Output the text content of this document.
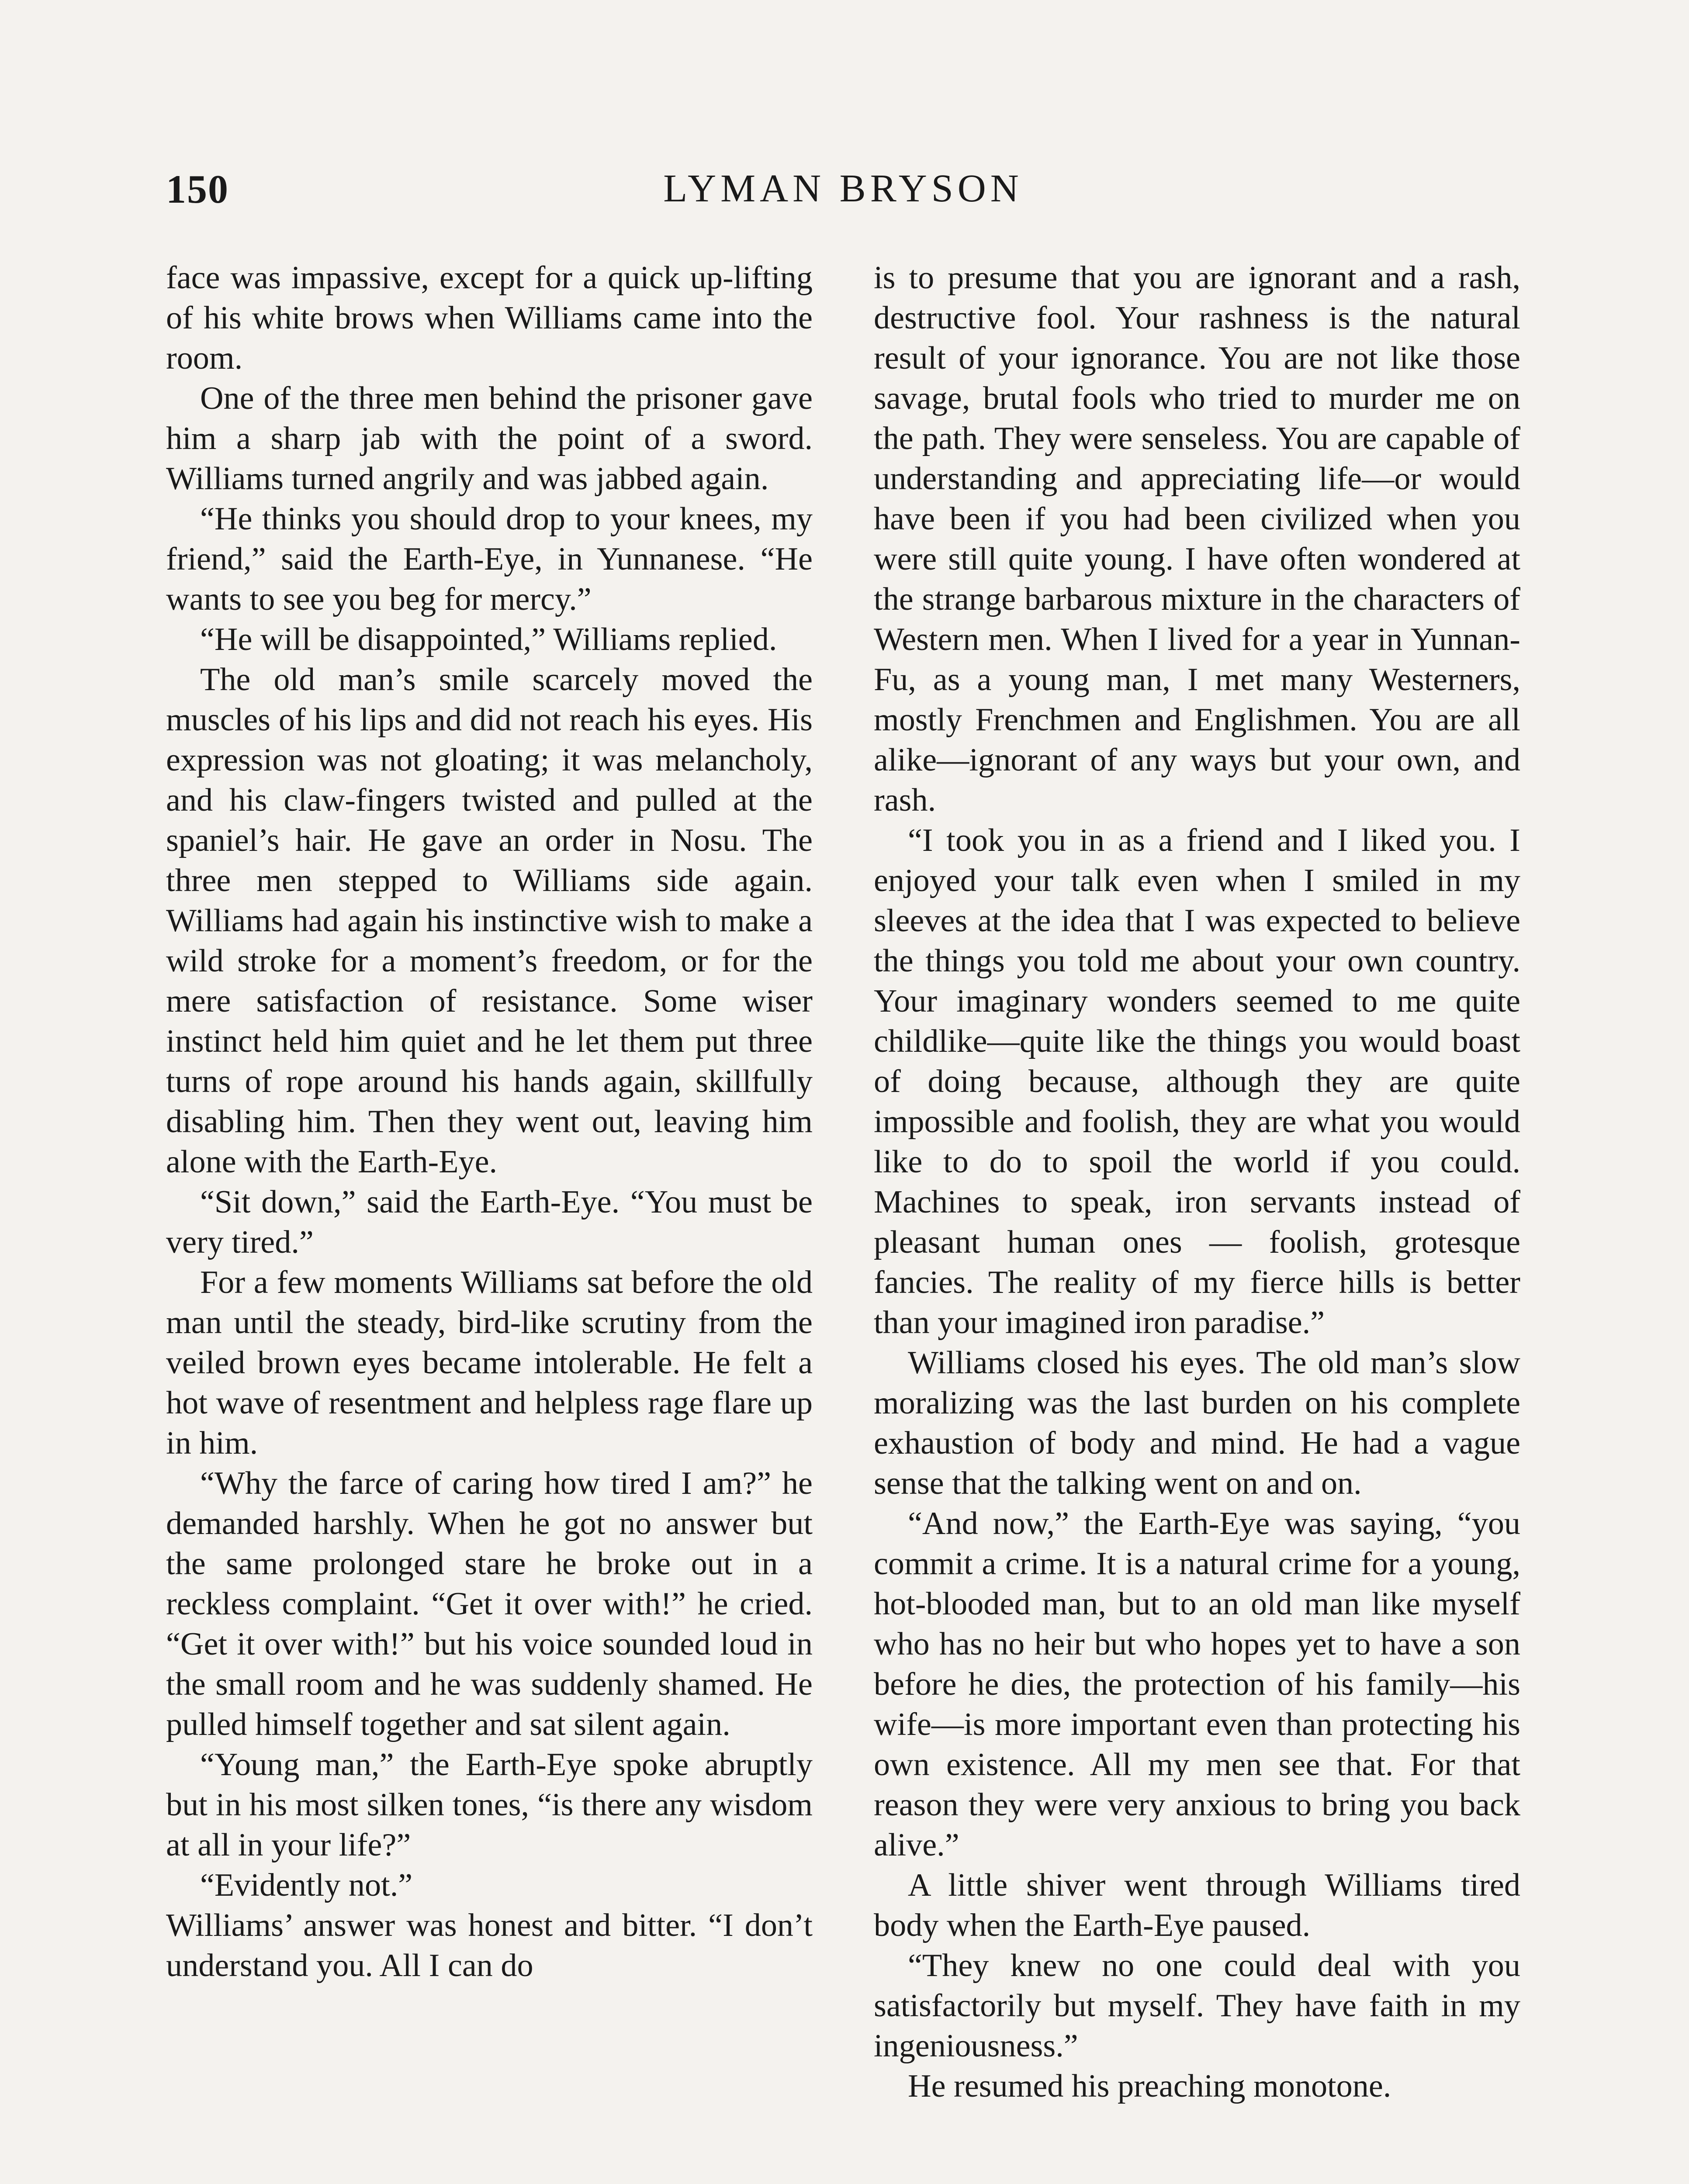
LYMAN BRYSON
150

face was impassive, except for a quick up-lifting of his white brows when Williams came into the room.

One of the three men behind the prisoner gave him a sharp jab with the point of a sword. Williams turned angrily and was jabbed again.

“He thinks you should drop to your knees, my friend,” said the Earth-Eye, in Yunnanese. “He wants to see you beg for mercy.”

“He will be disappointed,” Williams replied.

The old man’s smile scarcely moved the muscles of his lips and did not reach his eyes. His expression was not gloating; it was melancholy, and his claw-fingers twisted and pulled at the spaniel’s hair. He gave an order in Nosu. The three men stepped to Williams side again. Williams had again his instinctive wish to make a wild stroke for a moment’s freedom, or for the mere satisfaction of resistance. Some wiser instinct held him quiet and he let them put three turns of rope around his hands again, skillfully disabling him. Then they went out, leaving him alone with the Earth-Eye.

“Sit down,” said the Earth-Eye. “You must be very tired.”

For a few moments Williams sat before the old man until the steady, bird-like scrutiny from the veiled brown eyes became intolerable. He felt a hot wave of resentment and helpless rage flare up in him.

“Why the farce of caring how tired I am?” he demanded harshly. When he got no answer but the same prolonged stare he broke out in a reckless complaint. “Get it over with!” he cried. “Get it over with!” but his voice sounded loud in the small room and he was suddenly shamed. He pulled himself together and sat silent again.

“Young man,” the Earth-Eye spoke abruptly but in his most silken tones, “is there any wisdom at all in your life?”

“Evidently not.”

Williams’ answer was honest and bitter. “I don’t understand you. All I can do

is to presume that you are ignorant and a rash, destructive fool. Your rashness is the natural result of your ignorance. You are not like those savage, brutal fools who tried to murder me on the path. They were senseless. You are capable of understanding and appreciating life—or would have been if you had been civilized when you were still quite young. I have often wondered at the strange barbarous mixture in the characters of Western men. When I lived for a year in Yunnan-Fu, as a young man, I met many Westerners, mostly Frenchmen and Englishmen. You are all alike—ignorant of any ways but your own, and rash.

“I took you in as a friend and I liked you. I enjoyed your talk even when I smiled in my sleeves at the idea that I was expected to believe the things you told me about your own country. Your imaginary wonders seemed to me quite childlike—quite like the things you would boast of doing because, although they are quite impossible and foolish, they are what you would like to do to spoil the world if you could. Machines to speak, iron servants instead of pleasant human ones — foolish, grotesque fancies. The reality of my fierce hills is better than your imagined iron paradise.”

Williams closed his eyes. The old man’s slow moralizing was the last burden on his complete exhaustion of body and mind. He had a vague sense that the talking went on and on.

“And now,” the Earth-Eye was saying, “you commit a crime. It is a natural crime for a young, hot-blooded man, but to an old man like myself who has no heir but who hopes yet to have a son before he dies, the protection of his family—his wife—is more important even than protecting his own existence. All my men see that. For that reason they were very anxious to bring you back alive.”

A little shiver went through Williams tired body when the Earth-Eye paused.

“They knew no one could deal with you satisfactorily but myself. They have faith in my ingeniousness.”

He resumed his preaching monotone.
